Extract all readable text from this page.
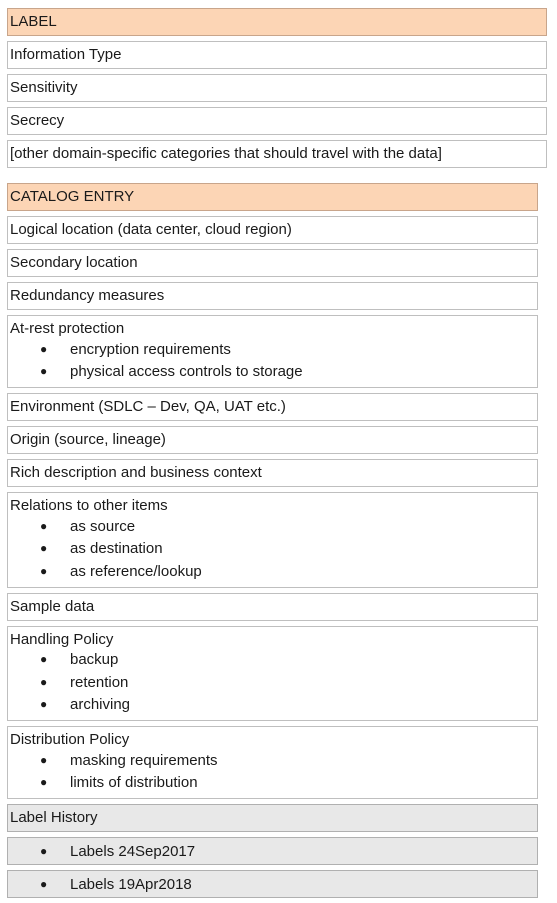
LABEL
Information Type
Sensitivity
Secrecy
[other domain-specific categories that should travel with the data]
CATALOG ENTRY
Logical location (data center, cloud region)
Secondary location
Redundancy measures
At-rest protection
●	encryption requirements
●	physical access controls to storage
Environment (SDLC – Dev, QA, UAT etc.)
Origin (source, lineage)
Rich description and business context
Relations to other items
●	as source
●	as destination
●	as reference/lookup
Sample data
Handling Policy
●	backup
●	retention
●	archiving
Distribution Policy
●	masking requirements
●	limits of distribution
Label History
●	Labels 24Sep2017
●	Labels 19Apr2018
